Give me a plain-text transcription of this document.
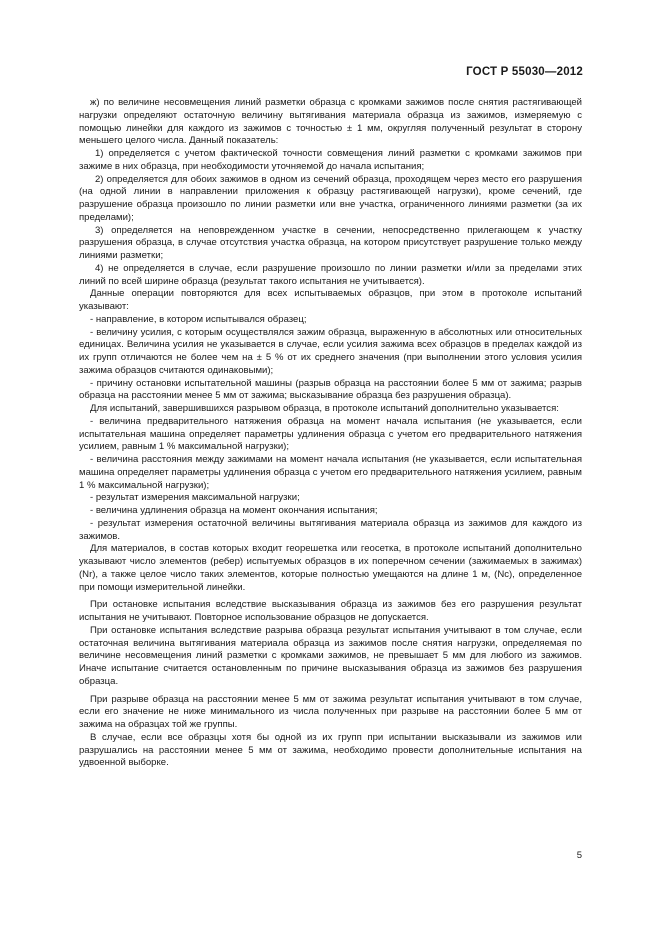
ГОСТ Р 55030—2012

ж) по величине несовмещения линий разметки образца с кромками зажимов после снятия растягивающей нагрузки определяют остаточную величину вытягивания материала образца из зажимов, измеряемую с помощью линейки для каждого из зажимов с точностью ± 1 мм, округляя полученный результат в сторону меньшего целого числа. Данный показатель:

1) определяется с учетом фактической точности совмещения линий разметки с кромками зажимов при зажиме в них образца, при необходимости уточняемой до начала испытания;

2) определяется для обоих зажимов в одном из сечений образца, проходящем через место его разрушения (на одной линии в направлении приложения к образцу растягивающей нагрузки), кроме сечений, где разрушение образца произошло по линии разметки или вне участка, ограниченного линиями разметки (за их пределами);

3) определяется на неповрежденном участке в сечении, непосредственно прилегающем к участку разрушения образца, в случае отсутствия участка образца, на котором присутствует разрушение только между линиями разметки;

4) не определяется в случае, если разрушение произошло по линии разметки и/или за пределами этих линий по всей ширине образца (результат такого испытания не учитывается).

Данные операции повторяются для всех испытываемых образцов, при этом в протоколе испытаний указывают:

- направление, в котором испытывался образец;

- величину усилия, с которым осуществлялся зажим образца, выраженную в абсолютных или относительных единицах. Величина усилия не указывается в случае, если усилия зажима всех образцов в пределах каждой из их групп отличаются не более чем на ± 5 % от их среднего значения (при выполнении этого условия усилия зажима образцов считаются одинаковыми);

- причину остановки испытательной машины (разрыв образца на расстоянии более 5 мм от зажима; разрыв образца на расстоянии менее 5 мм от зажима; высказывание образца без разрушения образца).

Для испытаний, завершившихся разрывом образца, в протоколе испытаний дополнительно указывается:

- величина предварительного натяжения образца на момент начала испытания (не указывается, если испытательная машина определяет параметры удлинения образца с учетом его предварительного натяжения усилием, равным 1 % максимальной нагрузки);

- величина расстояния между зажимами на момент начала испытания (не указывается, если испытательная машина определяет параметры удлинения образца с учетом его предварительного натяжения усилием, равным 1 % максимальной нагрузки);

- результат измерения максимальной нагрузки;

- величина удлинения образца на момент окончания испытания;

- результат измерения остаточной величины вытягивания материала образца из зажимов для каждого из зажимов.

Для материалов, в состав которых входит георешетка или геосетка, в протоколе испытаний дополнительно указывают число элементов (ребер) испытуемых образцов в их поперечном сечении (зажимаемых в зажимах) (Nr), а также целое число таких элементов, которые полностью умещаются на длине 1 м, (Nc), определенное при помощи измерительной линейки.

При остановке испытания вследствие высказывания образца из зажимов без его разрушения результат испытания не учитывают. Повторное использование образцов не допускается.

При остановке испытания вследствие разрыва образца результат испытания учитывают в том случае, если остаточная величина вытягивания материала образца из зажимов после снятия нагрузки, определяемая по величине несовмещения линий разметки с кромками зажимов, не превышает 5 мм для любого из зажимов. Иначе испытание считается остановленным по причине высказывания образца из зажимов без разрушения образца.

При разрыве образца на расстоянии менее 5 мм от зажима результат испытания учитывают в том случае, если его значение не ниже минимального из числа полученных при разрыве на расстоянии более 5 мм от зажима на образцах той же группы.

В случае, если все образцы хотя бы одной из их групп при испытании высказывали из зажимов или разрушались на расстоянии менее 5 мм от зажима, необходимо провести дополнительные испытания на удвоенной выборке.

5
